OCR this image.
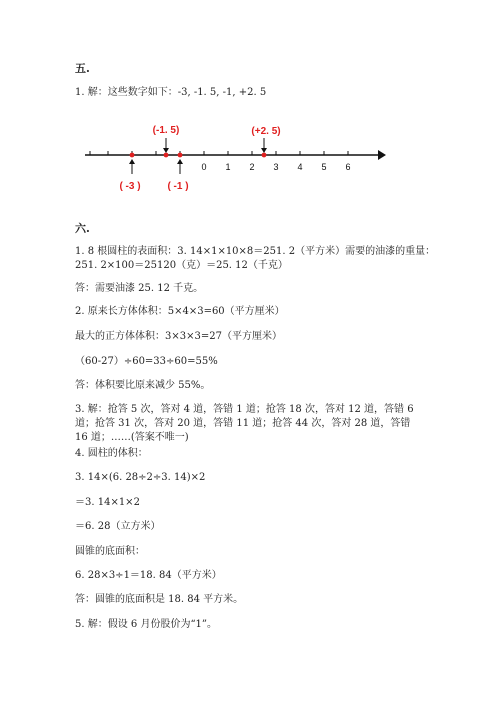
五.
1. 解：这些数字如下：-3, -1. 5, -1, +2. 5
0 1 2 3 4 5 6
(-1. 5)	(+2. 5)
( -3 )	( -1 )
六.
1. 8 根圆柱的表面积：3. 14×1×10×8＝251. 2（平方米）需要的油漆的重量：
251. 2×100＝25120（克）＝25. 12（千克）
答：需要油漆 25. 12 千克。
2. 原来长方体体积：5×4×3=60（平方厘米）
最大的正方体体积：3×3×3=27（平方厘米）
（60-27）÷60=33÷60=55%
答：体积要比原来减少 55%。
3. 解：抢答 5 次，答对 4 道，答错 1 道；抢答 18 次，答对 12 道，答错 6 道；抢答 31 次，答对 20 道，答错 11 道；抢答 44 次，答对 28 道，答错 16 道；……(答案不唯一)
4. 圆柱的体积：
3. 14×(6. 28÷2÷3. 14)×2
＝3. 14×1×2
＝6. 28（立方米）
圆锥的底面积：
6. 28×3÷1＝18. 84（平方米）
答：圆锥的底面积是 18. 84 平方米。
5. 解：假设 6 月份股价为“1”。
